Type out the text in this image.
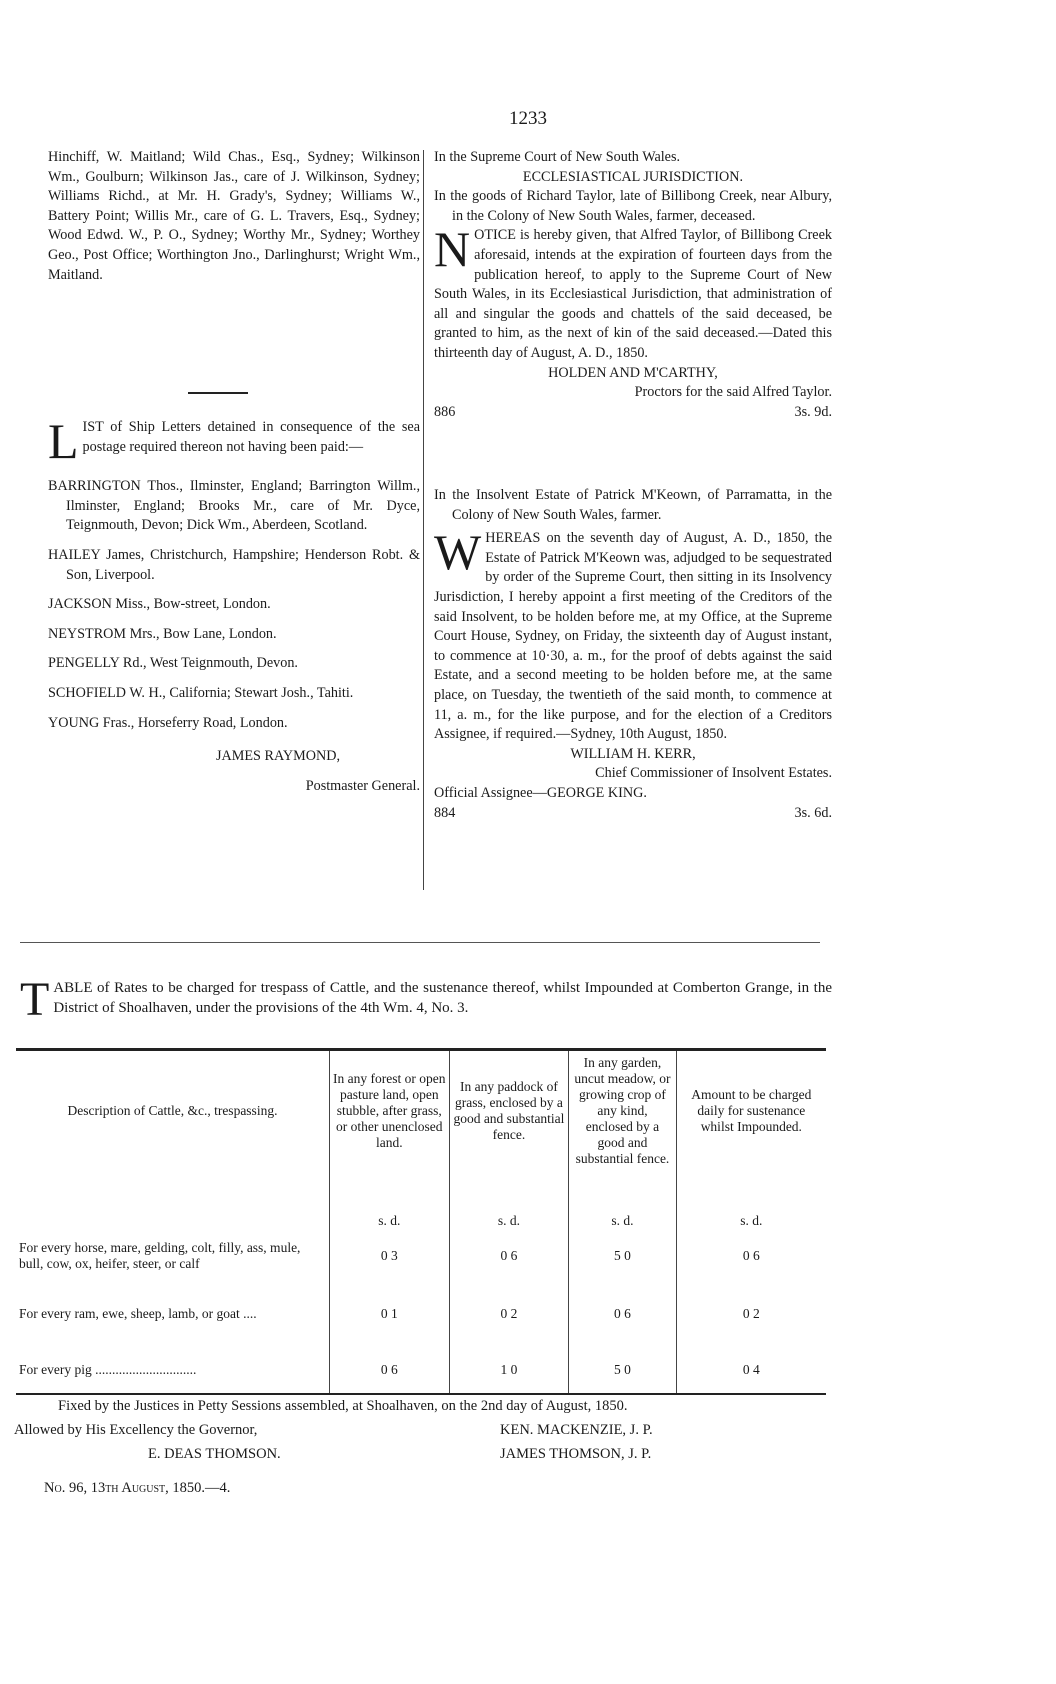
1233

Hinchiff, W. Maitland; Wild Chas., Esq., Sydney; Wilkinson Wm., Goulburn; Wilkinson Jas., care of J. Wilkinson, Sydney; Williams Richd., at Mr. H. Grady's, Sydney; Williams W., Battery Point; Willis Mr., care of G. L. Travers, Esq., Sydney; Wood Edwd. W., P. O., Sydney; Worthy Mr., Sydney; Worthey Geo., Post Office; Worthington Jno., Darlinghurst; Wright Wm., Maitland.

LIST of Ship Letters detained in consequence of the sea postage required thereon not having been paid:—

BARRINGTON Thos., Ilminster, England; Barrington Willm., Ilminster, England; Brooks Mr., care of Mr. Dyce, Teignmouth, Devon; Dick Wm., Aberdeen, Scotland.

HAILEY James, Christchurch, Hampshire; Henderson Robt. & Son, Liverpool.

JACKSON Miss., Bow-street, London.

NEYSTROM Mrs., Bow Lane, London.

PENGELLY Rd., West Teignmouth, Devon.

SCHOFIELD W. H., California; Stewart Josh., Tahiti.

YOUNG Fras., Horseferry Road, London.

JAMES RAYMOND,

Postmaster General.

In the Supreme Court of New South Wales.

ECCLESIASTICAL JURISDICTION.

In the goods of Richard Taylor, late of Billibong Creek, near Albury, in the Colony of New South Wales, farmer, deceased.

NOTICE is hereby given, that Alfred Taylor, of Billibong Creek aforesaid, intends at the expiration of fourteen days from the publication hereof, to apply to the Supreme Court of New South Wales, in its Ecclesiastical Jurisdiction, that administration of all and singular the goods and chattels of the said deceased, be granted to him, as the next of kin of the said deceased.—Dated this thirteenth day of August, A. D., 1850.

HOLDEN AND M'CARTHY,

Proctors for the said Alfred Taylor.

886	3s. 9d.

In the Insolvent Estate of Patrick M'Keown, of Parramatta, in the Colony of New South Wales, farmer.

WHEREAS on the seventh day of August, A. D., 1850, the Estate of Patrick M'Keown was, adjudged to be sequestrated by order of the Supreme Court, then sitting in its Insolvency Jurisdiction, I hereby appoint a first meeting of the Creditors of the said Insolvent, to be holden before me, at my Office, at the Supreme Court House, Sydney, on Friday, the sixteenth day of August instant, to commence at 10·30, a. m., for the proof of debts against the said Estate, and a second meeting to be holden before me, at the same place, on Tuesday, the twentieth of the said month, to commence at 11, a. m., for the like purpose, and for the election of a Creditors Assignee, if required.—Sydney, 10th August, 1850.

WILLIAM H. KERR,

Chief Commissioner of Insolvent Estates.

Official Assignee—GEORGE KING.

884	3s. 6d.
TABLE of Rates to be charged for trespass of Cattle, and the sustenance thereof, whilst Impounded at Comberton Grange, in the District of Shoalhaven, under the provisions of the 4th Wm. 4, No. 3.
Description of Cattle, &c., trespassing.	In any forest or open pasture land, open stubble, after grass, or other unenclosed land.	In any paddock of grass, enclosed by a good and substantial fence.	In any garden, uncut meadow, or growing crop of any kind, enclosed by a good and substantial fence.	Amount to be charged daily for sustenance whilst Impounded.
	s. d.	s. d.	s. d.	s. d.
For every horse, mare, gelding, colt, filly, ass, mule, bull, cow, ox, heifer, steer, or calf	0 3	0 6	5 0	0 6
For every ram, ewe, sheep, lamb, or goat ....	0 1	0 2	0 6	0 2
For every pig ..............................	0 6	1 0	5 0	0 4
Fixed by the Justices in Petty Sessions assembled, at Shoalhaven, on the 2nd day of August, 1850.
Allowed by His Excellency the Governor,	KEN. MACKENZIE, J. P.
E. DEAS THOMSON.	JAMES THOMSON, J. P.
No. 96, 13th August, 1850.—4.
